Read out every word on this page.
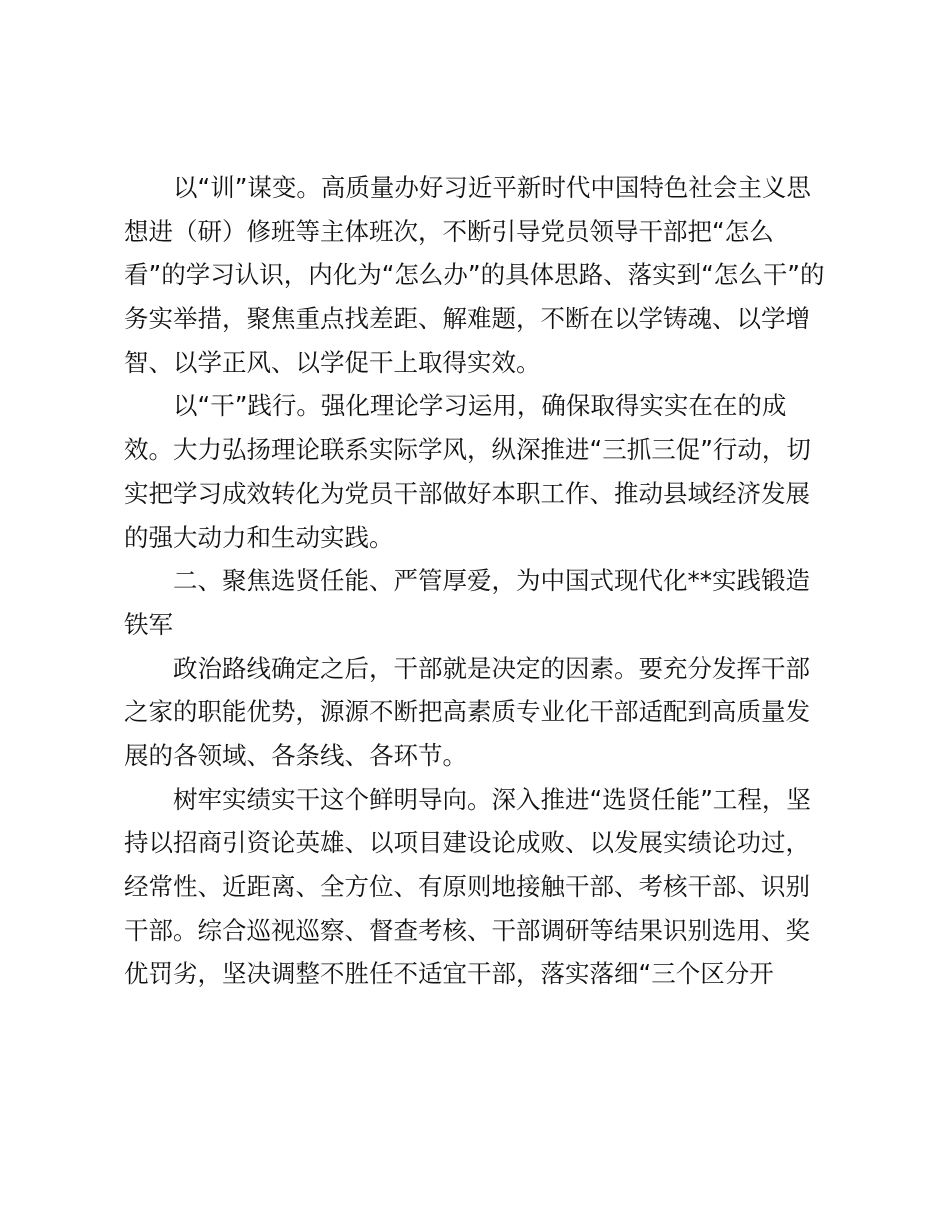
以“训”谋变。高质量办好习近平新时代中国特色社会主义思
想进（研）修班等主体班次，不断引导党员领导干部把“怎么
看”的学习认识，内化为“怎么办”的具体思路、落实到“怎么干”的
务实举措，聚焦重点找差距、解难题，不断在以学铸魂、以学增
智、以学正风、以学促干上取得实效。
以“干”践行。强化理论学习运用，确保取得实实在在的成
效。大力弘扬理论联系实际学风，纵深推进“三抓三促”行动，切
实把学习成效转化为党员干部做好本职工作、推动县域经济发展
的强大动力和生动实践。
二、聚焦选贤任能、严管厚爱，为中国式现代化**实践锻造
铁军
政治路线确定之后，干部就是决定的因素。要充分发挥干部
之家的职能优势，源源不断把高素质专业化干部适配到高质量发
展的各领域、各条线、各环节。
树牢实绩实干这个鲜明导向。深入推进“选贤任能”工程，坚
持以招商引资论英雄、以项目建设论成败、以发展实绩论功过，
经常性、近距离、全方位、有原则地接触干部、考核干部、识别
干部。综合巡视巡察、督查考核、干部调研等结果识别选用、奖
优罚劣，坚决调整不胜任不适宜干部，落实落细“三个区分开
